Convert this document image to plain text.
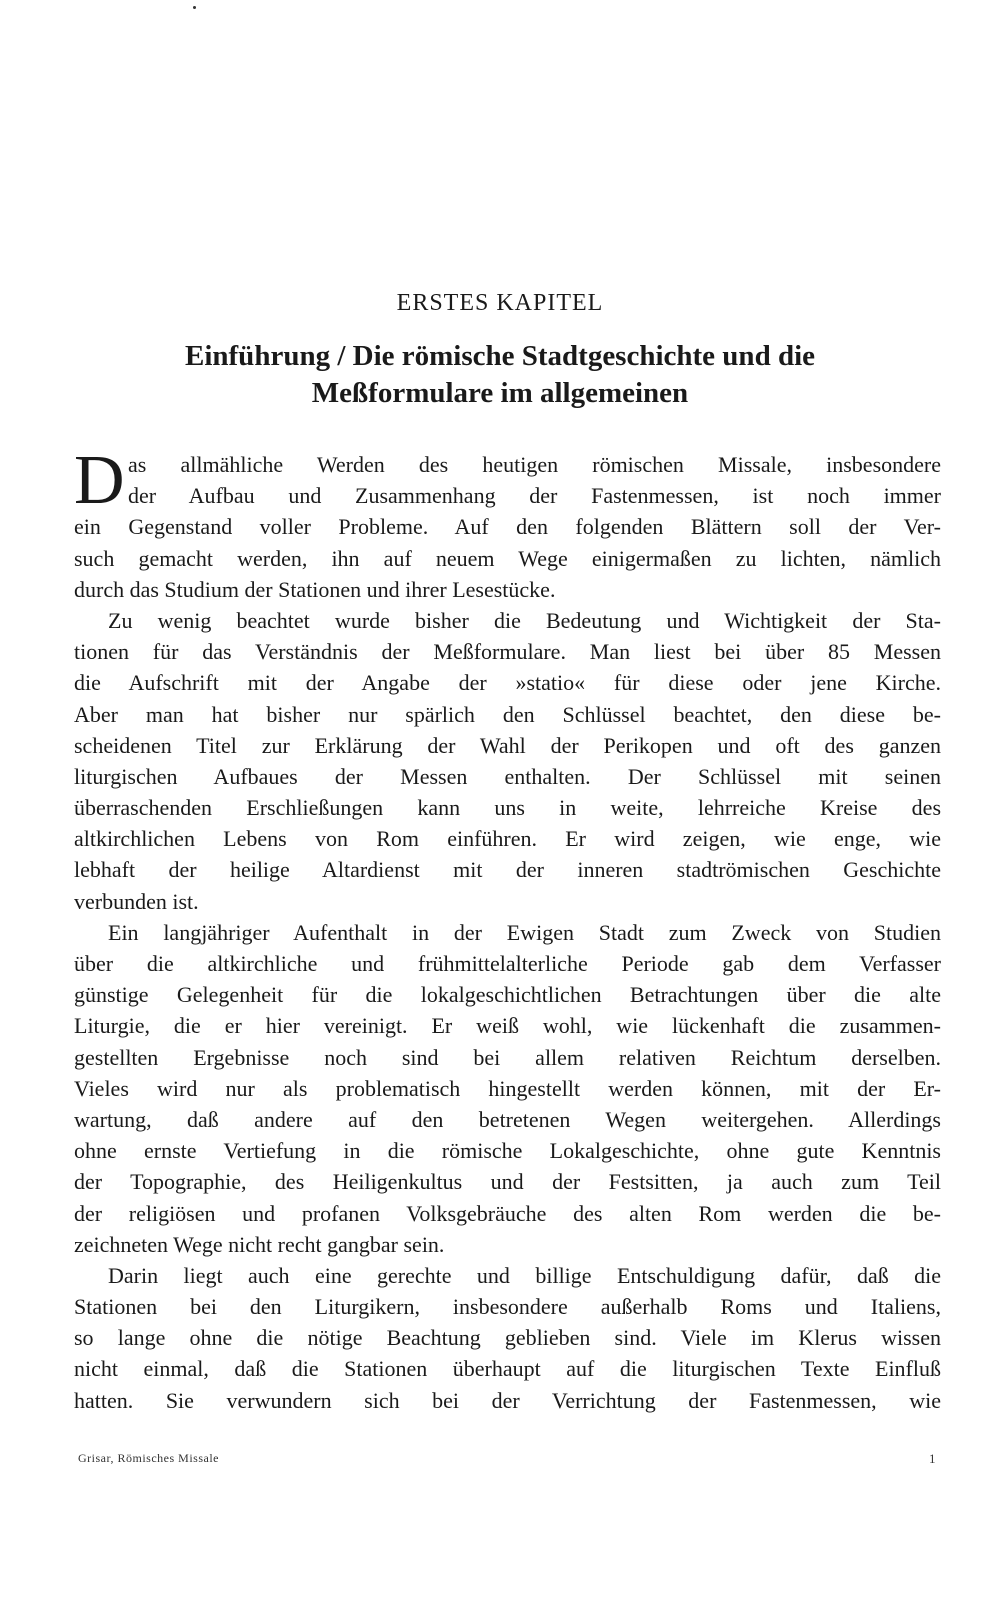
ERSTES KAPITEL
Einführung / Die römische Stadtgeschichte und die
Meßformulare im allgemeinen
D as allmähliche Werden des heutigen römischen Missale, insbesondere
der Aufbau und Zusammenhang der Fastenmessen, ist noch immer
ein Gegenstand voller Probleme. Auf den folgenden Blättern soll der Ver-
such gemacht werden, ihn auf neuem Wege einigermaßen zu lichten, nämlich
durch das Studium der Stationen und ihrer Lesestücke.

Zu wenig beachtet wurde bisher die Bedeutung und Wichtigkeit der Sta-
tionen für das Verständnis der Meßformulare. Man liest bei über 85 Messen
die Aufschrift mit der Angabe der »statio« für diese oder jene Kirche.
Aber man hat bisher nur spärlich den Schlüssel beachtet, den diese be-
scheidenen Titel zur Erklärung der Wahl der Perikopen und oft des ganzen
liturgischen Aufbaues der Messen enthalten. Der Schlüssel mit seinen
überraschenden Erschließungen kann uns in weite, lehrreiche Kreise des
altkirchlichen Lebens von Rom einführen. Er wird zeigen, wie enge, wie
lebhaft der heilige Altardienst mit der inneren stadtrömischen Geschichte
verbunden ist.

Ein langjähriger Aufenthalt in der Ewigen Stadt zum Zweck von Studien
über die altkirchliche und frühmittelalterliche Periode gab dem Verfasser
günstige Gelegenheit für die lokalgeschichtlichen Betrachtungen über die alte
Liturgie, die er hier vereinigt. Er weiß wohl, wie lückenhaft die zusammen-
gestellten Ergebnisse noch sind bei allem relativen Reichtum derselben.
Vieles wird nur als problematisch hingestellt werden können, mit der Er-
wartung, daß andere auf den betretenen Wegen weitergehen. Allerdings
ohne ernste Vertiefung in die römische Lokalgeschichte, ohne gute Kenntnis
der Topographie, des Heiligenkultus und der Festsitten, ja auch zum Teil
der religiösen und profanen Volksgebräuche des alten Rom werden die be-
zeichneten Wege nicht recht gangbar sein.

Darin liegt auch eine gerechte und billige Entschuldigung dafür, daß die
Stationen bei den Liturgikern, insbesondere außerhalb Roms und Italiens,
so lange ohne die nötige Beachtung geblieben sind. Viele im Klerus wissen
nicht einmal, daß die Stationen überhaupt auf die liturgischen Texte Einfluß
hatten. Sie verwundern sich bei der Verrichtung der Fastenmessen, wie

Grisar, Römisches Missale	1
